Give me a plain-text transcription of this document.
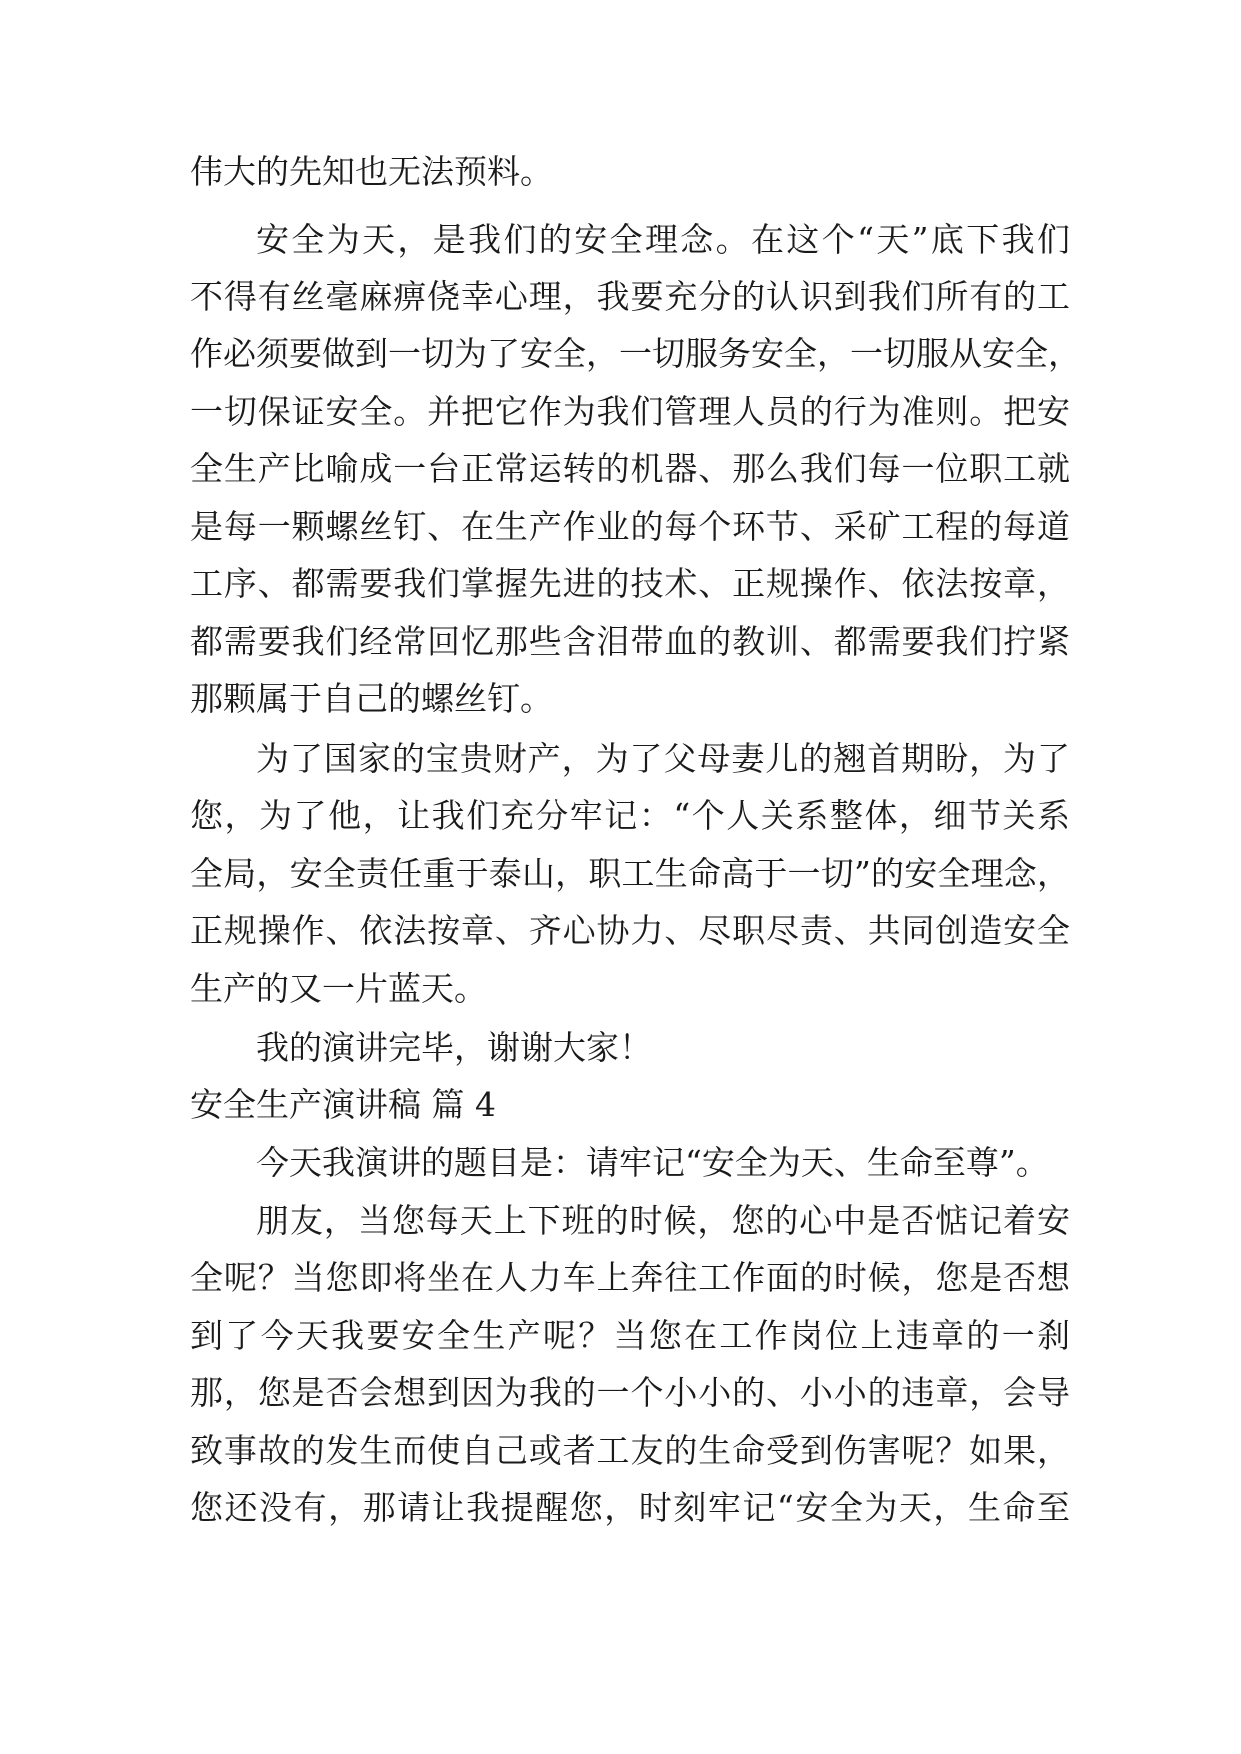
伟大的先知也无法预料。
安全为天，是我们的安全理念。在这个“天”底下我们
不得有丝毫麻痹侥幸心理，我要充分的认识到我们所有的工
作必须要做到一切为了安全，一切服务安全，一切服从安全，
一切保证安全。并把它作为我们管理人员的行为准则。把安
全生产比喻成一台正常运转的机器、那么我们每一位职工就
是每一颗螺丝钉、在生产作业的每个环节、采矿工程的每道
工序、都需要我们掌握先进的技术、正规操作、依法按章，
都需要我们经常回忆那些含泪带血的教训、都需要我们拧紧
那颗属于自己的螺丝钉。
为了国家的宝贵财产，为了父母妻儿的翘首期盼，为了
您，为了他，让我们充分牢记：“个人关系整体，细节关系
全局，安全责任重于泰山，职工生命高于一切”的安全理念，
正规操作、依法按章、齐心协力、尽职尽责、共同创造安全
生产的又一片蓝天。
我的演讲完毕，谢谢大家！
安全生产演讲稿 篇 4
今天我演讲的题目是：请牢记“安全为天、生命至尊”。
朋友，当您每天上下班的时候，您的心中是否惦记着安
全呢？当您即将坐在人力车上奔往工作面的时候，您是否想
到了今天我要安全生产呢？当您在工作岗位上违章的一刹
那，您是否会想到因为我的一个小小的、小小的违章，会导
致事故的发生而使自己或者工友的生命受到伤害呢？如果，
您还没有，那请让我提醒您，时刻牢记“安全为天，生命至
